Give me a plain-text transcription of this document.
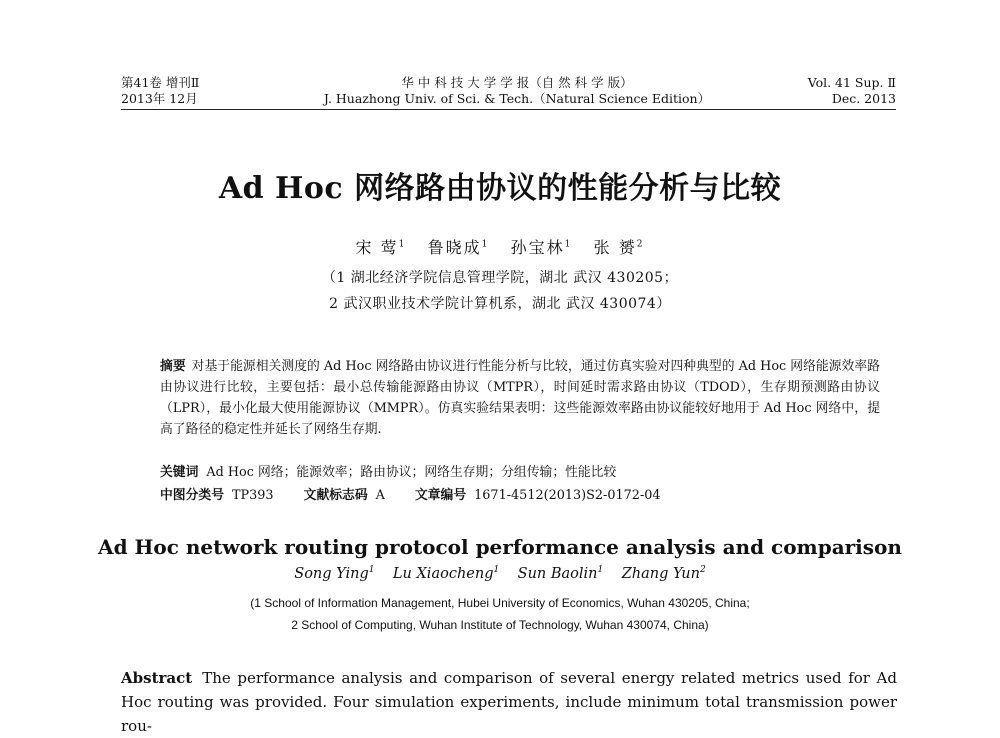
第41卷 增刊Ⅱ
2013年 12月
华 中 科 技 大 学 学 报（自 然 科 学 版）
J. Huazhong Univ. of Sci. & Tech.（Natural Science Edition）
Vol. 41 Sup. Ⅱ
Dec. 2013
Ad Hoc 网络路由协议的性能分析与比较
宋 莺$^1$ 鲁晓成$^1$ 孙宝林$^1$ 张 赟$^2$
（1 湖北经济学院信息管理学院，湖北 武汉 430205；
2 武汉职业技术学院计算机系，湖北 武汉 430074）
摘要 对基于能源相关测度的 Ad Hoc 网络路由协议进行性能分析与比较，通过仿真实验对四种典型的 Ad Hoc 网络能源效率路由协议进行比较，主要包括：最小总传输能源路由协议（MTPR），时间延时需求路由协议（TDOD），生存期预测路由协议（LPR），最小化最大使用能源协议（MMPR）。仿真实验结果表明：这些能源效率路由协议能较好地用于 Ad Hoc 网络中，提高了路径的稳定性并延长了网络生存期.
关键词 Ad Hoc 网络；能源效率；路由协议；网络生存期；分组传输；性能比较
中图分类号 TP393 文献标志码 A 文章编号 1671-4512(2013)S2-0172-04
Ad Hoc network routing protocol performance analysis and comparison
Song Ying$^1$ Lu Xiaocheng$^1$ Sun Baolin$^1$ Zhang Yun$^2$
(1 School of Information Management, Hubei University of Economics, Wuhan 430205, China;
2 School of Computing, Wuhan Institute of Technology, Wuhan 430074, China)
Abstract The performance analysis and comparison of several energy related metrics used for Ad Hoc routing was provided. Four simulation experiments, include minimum total transmission power rou-
